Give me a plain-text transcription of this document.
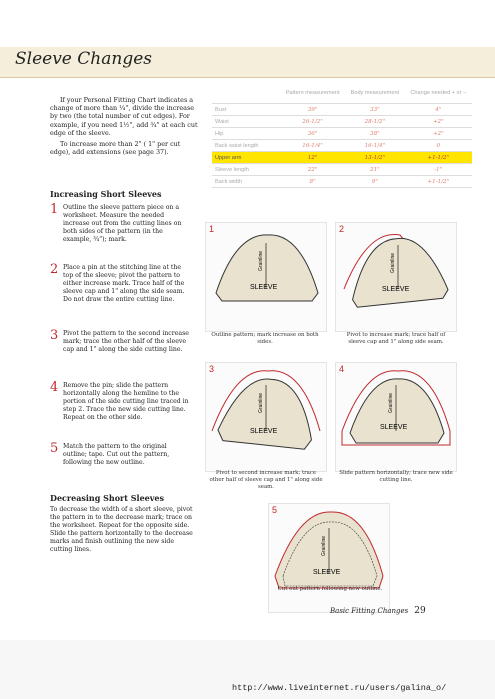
Sleeve Changes

If your Personal Fitting Chart indicates a change of more than ¼", divide the increase by two (the total number of cut edges). For example, if you need 1½", add ¾" at each cut edge of the sleeve.

To increase more than 2" ( 1" per cut edge), add extensions (see page 37).

	Pattern measurement	Body measurement	Change needed + or –
Bust	39"	33"	4"
Waist	26-1/2"	28-1/2"	+2"
Hip	36"	38"	+2"
Back waist length	16-1/4"	16-1/4"	0
Upper arm	12"	13-1/2"	+1-1/2"
Sleeve length	22"	21"	-1"
Back width	8"	9"	+1-1/2"
Increasing Short Sleeves
1 Outline the sleeve pattern piece on a worksheet. Measure the needed increase out from the cutting lines on both sides of the pattern (in the example, ¾"); mark.
2 Place a pin at the stitching line at the top of the sleeve; pivot the pattern to either increase mark. Trace half of the sleeve cap and 1" along the side seam. Do not draw the entire cutting line.
3 Pivot the pattern to the second increase mark; trace the other half of the sleeve cap and 1" along the side cutting line.
4 Remove the pin; slide the pattern horizontally along the hemline to the portion of the side cutting line traced in step 2. Trace the new side cutting line. Repeat on the other side.
5 Match the pattern to the original outline; tape. Cut out the pattern, following the new outline.
Decreasing Short Sleeves
To decrease the width of a short sleeve, pivot the pattern in to the decrease mark; trace on the worksheet. Repeat for the opposite side. Slide the pattern horizontally to the decrease marks and finish outlining the new side cutting lines.
1
Grainline
SLEEVE
Outline pattern; mark increase on both sides.
2
Grainline
SLEEVE
Pivot to increase mark; trace half of sleeve cap and 1" along side seam.
3
Grainline
SLEEVE
Pivot to second increase mark; trace other half of sleeve cap and 1" along side seam.
4
Grainline
SLEEVE
Slide pattern horizontally; trace new side cutting line.
5
Grainline
SLEEVE
Cut out pattern following new outline.
Basic Fitting Changes 29
http://www.liveinternet.ru/users/galina_o/
